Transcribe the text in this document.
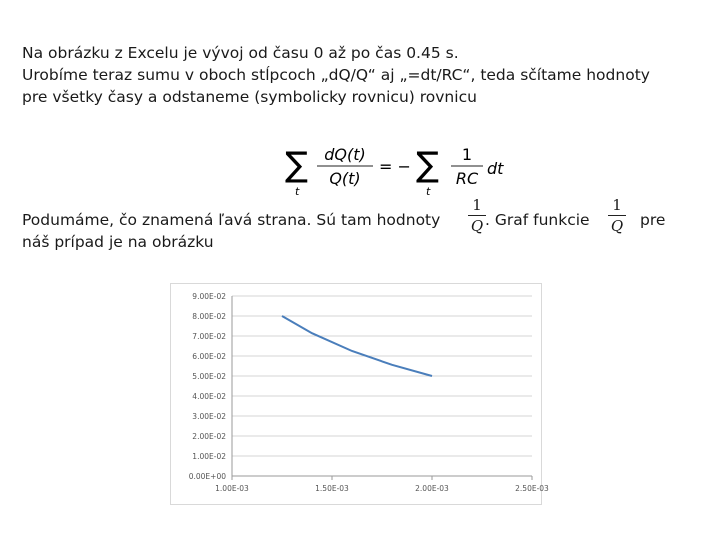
Na obrázku z Excelu je vývoj od času 0 až po čas 0.45 s.
Urobíme teraz sumu v oboch stĺpcoch „dQ/Q“ aj „=dt/RC“, teda sčítame hodnoty
pre všetky časy a odstaneme (symbolicky rovnicu) rovnicu
∑
t
dQ(t)
Q(t)
= − ∑
t
1
RC
dt
Podumáme, čo znamená ľavá strana. Sú tam hodnoty	. Graf funkcie	pre
náš prípad je na obrázku
1
Q
1
Q
0.00E+00
1.00E-02
2.00E-02
3.00E-02
4.00E-02
5.00E-02
6.00E-02
7.00E-02
8.00E-02
9.00E-02
1.00E-03	1.50E-03	2.00E-03	2.50E-03
